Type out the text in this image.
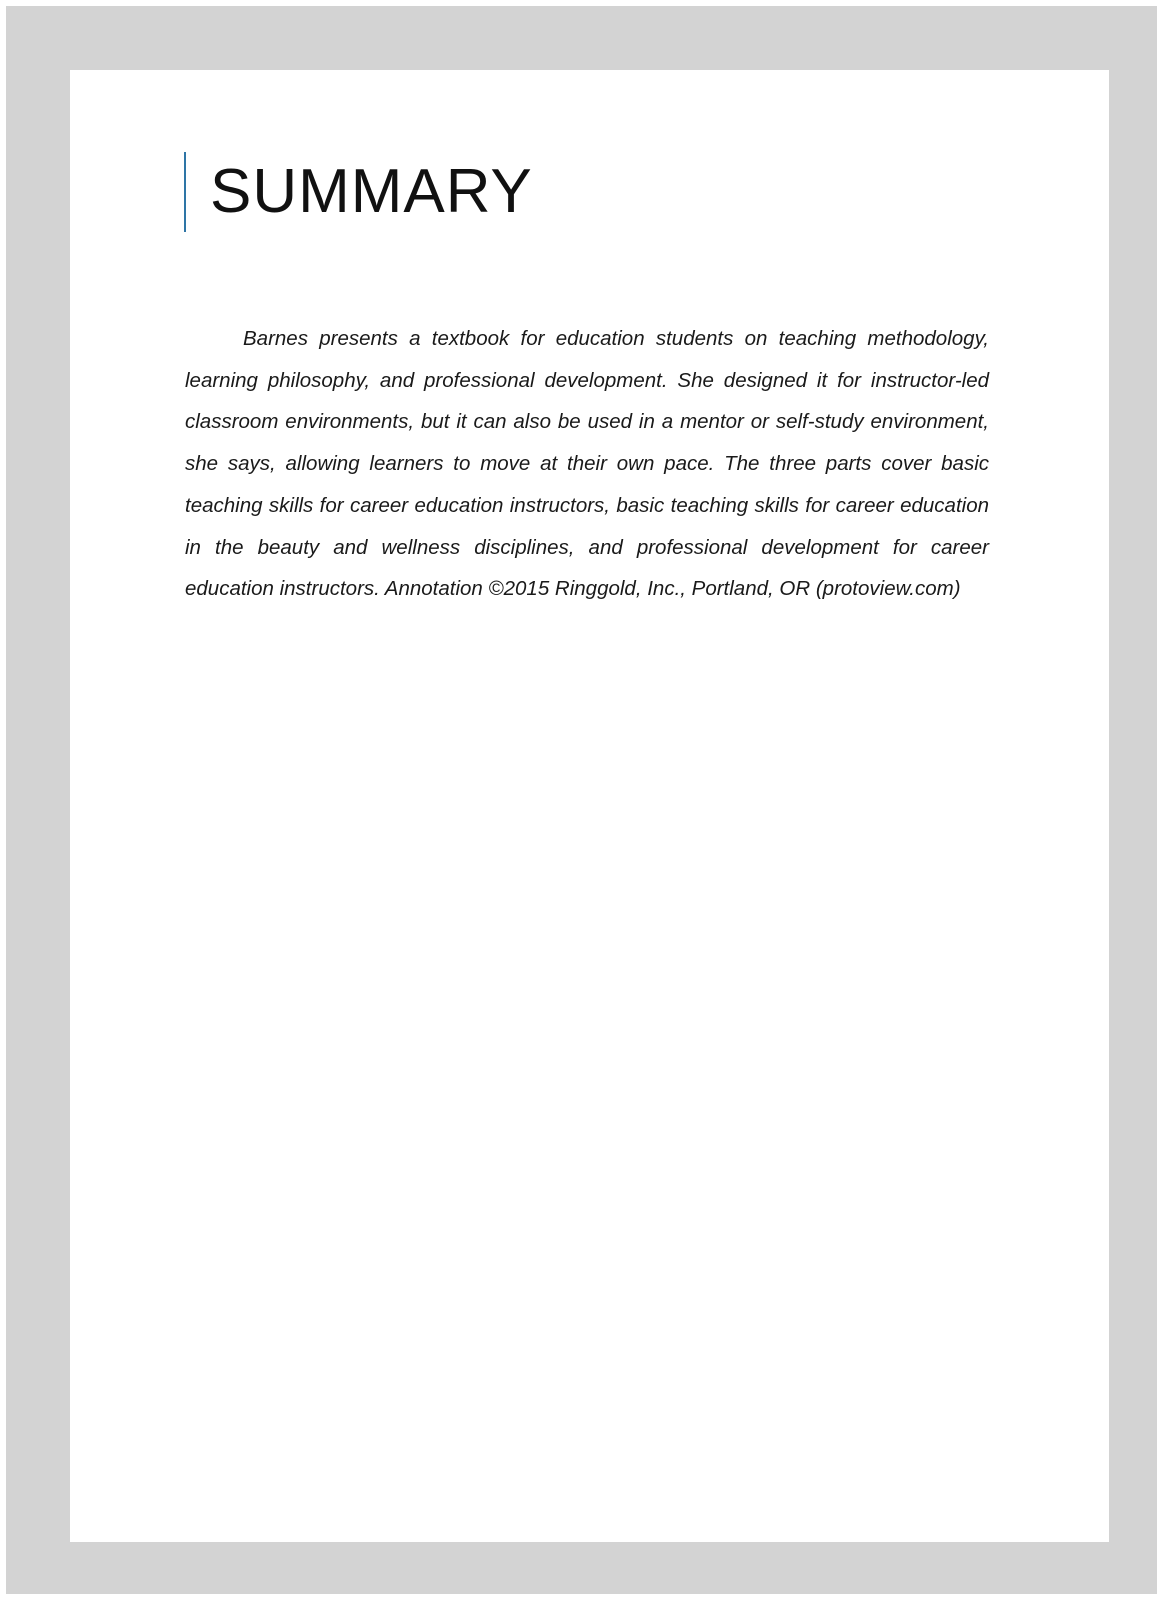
SUMMARY

Barnes presents a textbook for education students on teaching methodology, learning philosophy, and professional development. She designed it for instructor-led classroom environments, but it can also be used in a mentor or self-study environment, she says, allowing learners to move at their own pace. The three parts cover basic teaching skills for career education instructors, basic teaching skills for career education in the beauty and wellness disciplines, and professional development for career education instructors. Annotation ©2015 Ringgold, Inc., Portland, OR (protoview.com)
